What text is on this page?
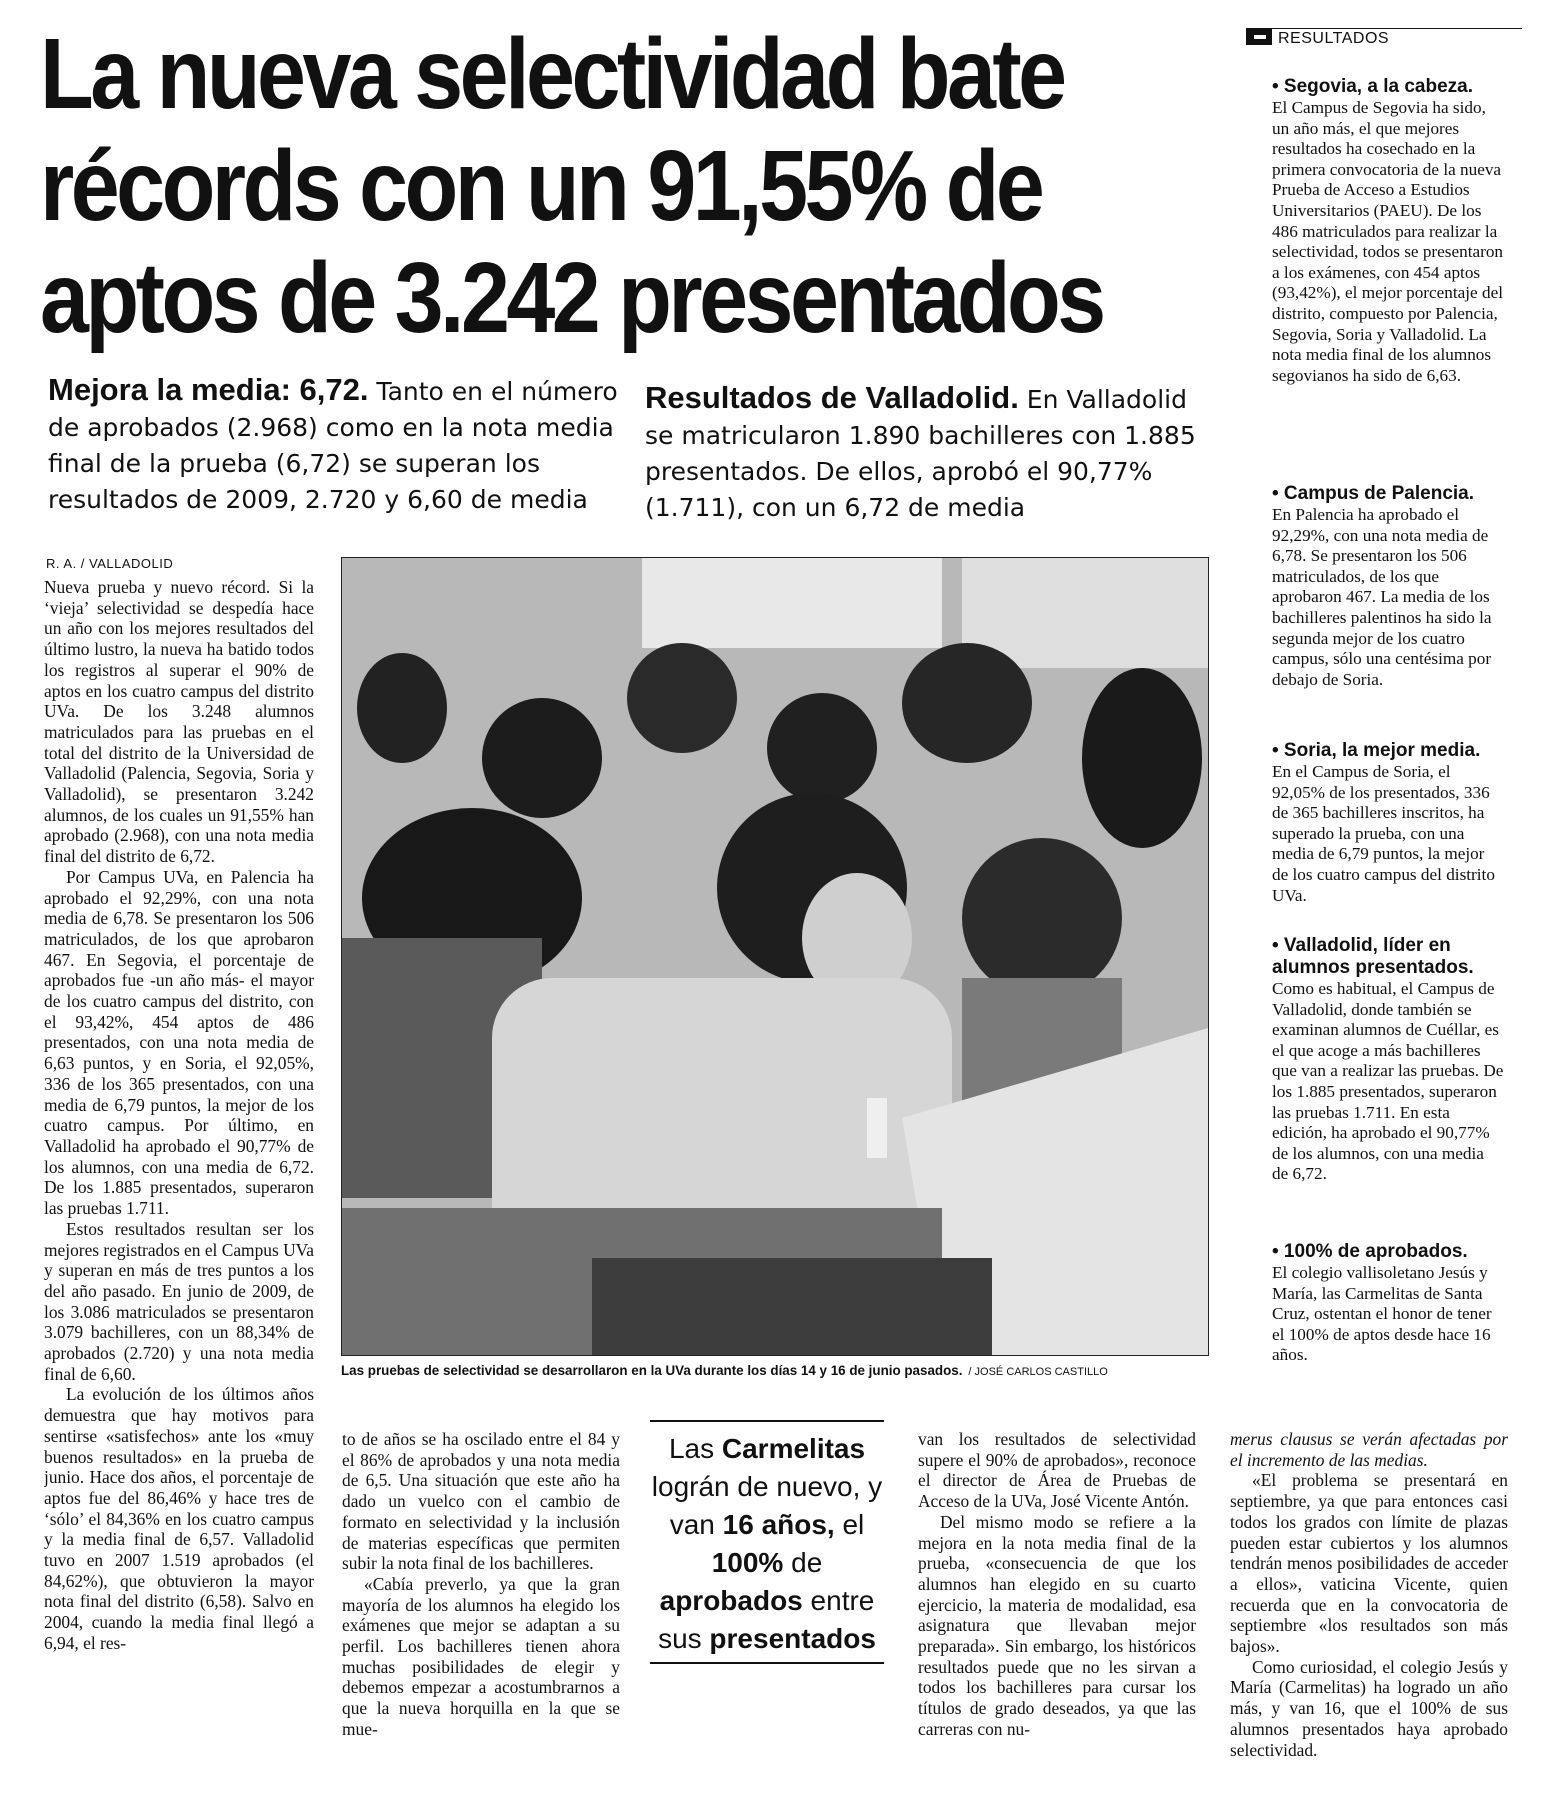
La nueva selectividad bate
récords con un 91,55% de
aptos de 3.242 presentados
Mejora la media: 6,72. Tanto en el número de aprobados (2.968) como en la nota media final de la prueba (6,72) se superan los resultados de 2009, 2.720 y 6,60 de media
Resultados de Valladolid. En Valladolid se matricularon 1.890 bachilleres con 1.885 presentados. De ellos, aprobó el 90,77% (1.711), con un 6,72 de media
R. A. / VALLADOLID

Nueva prueba y nuevo récord. Si la ‘vieja’ selectividad se despedía hace un año con los mejores resultados del último lustro, la nueva ha batido todos los registros al superar el 90% de aptos en los cuatro campus del distrito UVa. De los 3.248 alumnos matriculados para las pruebas en el total del distrito de la Universidad de Valladolid (Palencia, Segovia, Soria y Valladolid), se presentaron 3.242 alumnos, de los cuales un 91,55% han aprobado (2.968), con una nota media final del distrito de 6,72.

Por Campus UVa, en Palencia ha aprobado el 92,29%, con una nota media de 6,78. Se presentaron los 506 matriculados, de los que aprobaron 467. En Segovia, el porcentaje de aprobados fue -un año más- el mayor de los cuatro campus del distrito, con el 93,42%, 454 aptos de 486 presentados, con una nota media de 6,63 puntos, y en Soria, el 92,05%, 336 de los 365 presentados, con una media de 6,79 puntos, la mejor de los cuatro campus. Por último, en Valladolid ha aprobado el 90,77% de los alumnos, con una media de 6,72. De los 1.885 presentados, superaron las pruebas 1.711.

Estos resultados resultan ser los mejores registrados en el Campus UVa y superan en más de tres puntos a los del año pasado. En junio de 2009, de los 3.086 matriculados se presentaron 3.079 bachilleres, con un 88,34% de aprobados (2.720) y una nota media final de 6,60.

La evolución de los últimos años demuestra que hay motivos para sentirse «satisfechos» ante los «muy buenos resultados» en la prueba de junio. Hace dos años, el porcentaje de aptos fue del 86,46% y hace tres de ‘sólo’ el 84,36% en los cuatro campus y la media final de 6,57. Valladolid tuvo en 2007 1.519 aprobados (el 84,62%), que obtuvieron la mayor nota final del distrito (6,58). Salvo en 2004, cuando la media final llegó a 6,94, el res-

Las pruebas de selectividad se desarrollaron en la UVa durante los días 14 y 16 de junio pasados. / JOSÉ CARLOS CASTILLO

to de años se ha oscilado entre el 84 y el 86% de aprobados y una nota media de 6,5. Una situación que este año ha dado un vuelco con el cambio de formato en selectividad y la inclusión de materias específicas que permiten subir la nota final de los bachilleres.

«Cabía preverlo, ya que la gran mayoría de los alumnos ha elegido los exámenes que mejor se adaptan a su perfil. Los bachilleres tienen ahora muchas posibilidades de elegir y debemos empezar a acostumbrarnos a que la nueva horquilla en la que se mue-

Las Carmelitas lográn de nuevo, y van 16 años, el 100% de aprobados entre sus presentados

van los resultados de selectividad supere el 90% de aprobados», reconoce el director de Área de Pruebas de Acceso de la UVa, José Vicente Antón.

Del mismo modo se refiere a la mejora en la nota media final de la prueba, «consecuencia de que los alumnos han elegido en su cuarto ejercicio, la materia de modalidad, esa asignatura que llevaban mejor preparada». Sin embargo, los históricos resultados puede que no les sirvan a todos los bachilleres para cursar los títulos de grado deseados, ya que las carreras con nu-

merus clausus se verán afectadas por el incremento de las medias.

«El problema se presentará en septiembre, ya que para entonces casi todos los grados con límite de plazas pueden estar cubiertos y los alumnos tendrán menos posibilidades de acceder a ellos», vaticina Vicente, quien recuerda que en la convocatoria de septiembre «los resultados son más bajos».

Como curiosidad, el colegio Jesús y María (Carmelitas) ha logrado un año más, y van 16, que el 100% de sus alumnos presentados haya aprobado selectividad.

RESULTADOS
• Segovia, a la cabeza.

El Campus de Segovia ha sido, un año más, el que mejores resultados ha cosechado en la primera convocatoria de la nueva Prueba de Acceso a Estudios Universitarios (PAEU). De los 486 matriculados para realizar la selectividad, todos se presentaron a los exámenes, con 454 aptos (93,42%), el mejor porcentaje del distrito, compuesto por Palencia, Segovia, Soria y Valladolid. La nota media final de los alumnos segovianos ha sido de 6,63.

• Campus de Palencia.

En Palencia ha aprobado el 92,29%, con una nota media de 6,78. Se presentaron los 506 matriculados, de los que aprobaron 467. La media de los bachilleres palentinos ha sido la segunda mejor de los cuatro campus, sólo una centésima por debajo de Soria.

• Soria, la mejor media.

En el Campus de Soria, el 92,05% de los presentados, 336 de 365 bachilleres inscritos, ha superado la prueba, con una media de 6,79 puntos, la mejor de los cuatro campus del distrito UVa.

• Valladolid, líder en alumnos presentados.

Como es habitual, el Campus de Valladolid, donde también se examinan alumnos de Cuéllar, es el que acoge a más bachilleres que van a realizar las pruebas. De los 1.885 presentados, superaron las pruebas 1.711. En esta edición, ha aprobado el 90,77% de los alumnos, con una media de 6,72.

• 100% de aprobados.

El colegio vallisoletano Jesús y María, las Carmelitas de Santa Cruz, ostentan el honor de tener el 100% de aptos desde hace 16 años.
